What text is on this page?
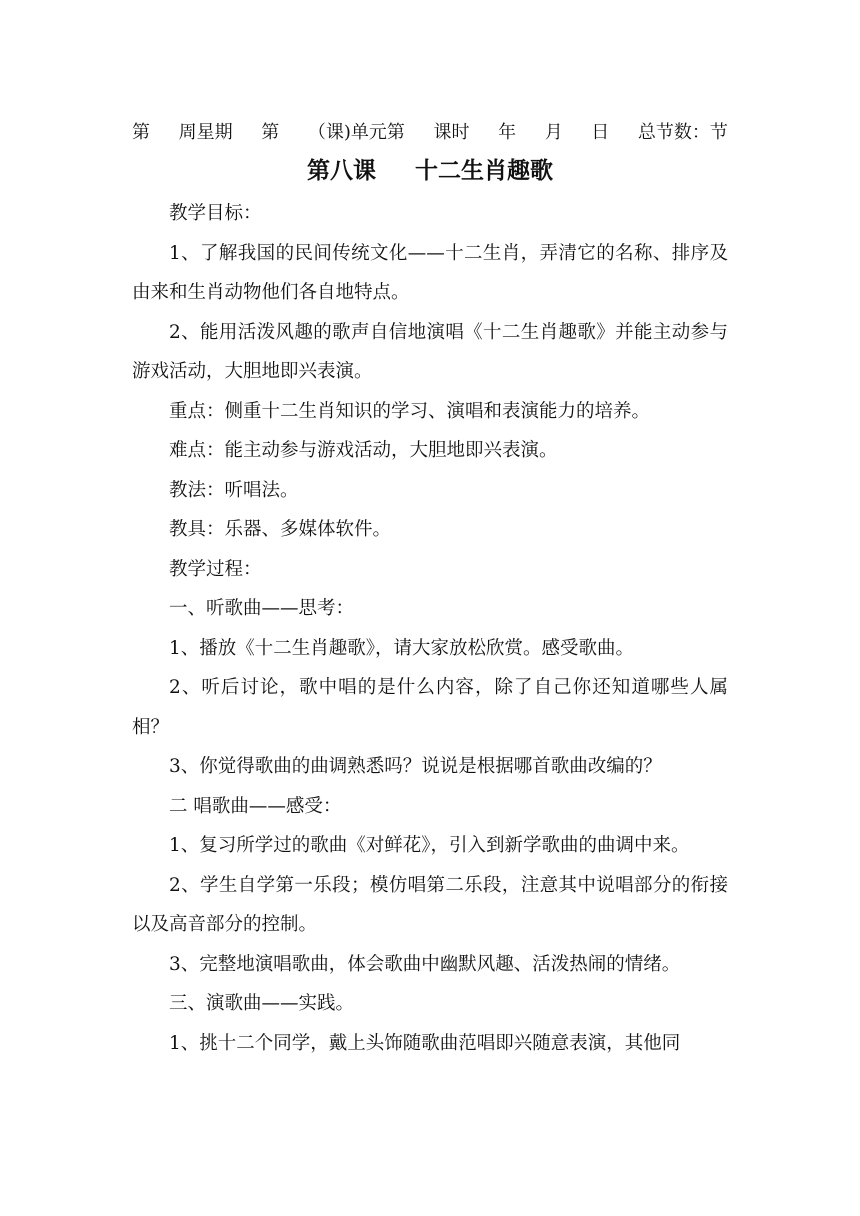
第 周星期 第 （课)单元第 课时 年 月 日 总节数：节
第八课　  十二生肖趣歌

教学目标：

1、了解我国的民间传统文化——十二生肖，弄清它的名称、排序及由来和生肖动物他们各自地特点。

2、能用活泼风趣的歌声自信地演唱《十二生肖趣歌》并能主动参与游戏活动，大胆地即兴表演。

重点：侧重十二生肖知识的学习、演唱和表演能力的培养。

难点：能主动参与游戏活动，大胆地即兴表演。

教法：听唱法。

教具：乐器、多媒体软件。

教学过程：

一、听歌曲——思考：

1、播放《十二生肖趣歌》，请大家放松欣赏。感受歌曲。

2、听后讨论，歌中唱的是什么内容，除了自己你还知道哪些人属相？

3、你觉得歌曲的曲调熟悉吗？说说是根据哪首歌曲改编的？

二 唱歌曲——感受：

1、复习所学过的歌曲《对鲜花》，引入到新学歌曲的曲调中来。

2、学生自学第一乐段；模仿唱第二乐段，注意其中说唱部分的衔接以及高音部分的控制。

3、完整地演唱歌曲，体会歌曲中幽默风趣、活泼热闹的情绪。

三、演歌曲——实践。

1、挑十二个同学，戴上头饰随歌曲范唱即兴随意表演，其他同
